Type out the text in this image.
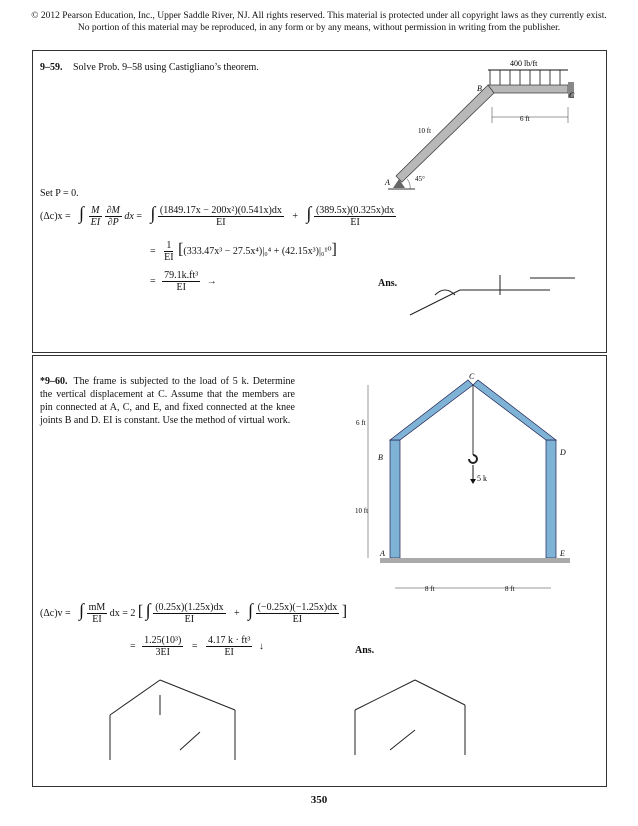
© 2012 Pearson Education, Inc., Upper Saddle River, NJ. All rights reserved. This material is protected under all copyright laws as they currently exist. No portion of this material may be reproduced, in any form or by any means, without permission in writing from the publisher.
9–59. Solve Prob. 9–58 using Castigliano’s theorem.	400 lb/ft
B
C
A
6 ft
10 ft
45°
Set P = 0.
(Δc)x = ∫ $\frac{M}{EI}$
$\frac{\partial M}{\partial P}$ dx = ∫ $\frac{\text{(1849.17x − 200x²)(0.541x)dx}}{EI}$ + ∫ $\frac{(389.5x)(0.325x)dx}{EI}$
= $\frac{1}{EI} [(333.47x^3 - 27.5x^4)|_0^4 + (42.15x^3)|_0^{10}]$
= $\frac{\text{79.1k.ft³}}{EI}$ →	Ans.
*9–60. The frame is subjected to the load of 5 k. Determine the vertical displacement at C. Assume that the members are pin connected at A, C, and E, and fixed connected at the knee joints B and D. EI is constant. Use the method of virtual work.
C
5 k
A	E
B
D
6 ft
10 ft
8 ft	8 ft
(Δc)v = ∫ $\frac{mM}{EI}$ dx = 2 [ ∫ $\frac{(0.25x)(1.25x)dx}{EI}$ + ∫ $\frac{(-0.25x)(-1.25x)dx}{EI}$ ]
= $\frac{\text{1.25(10³)}}{3EI} = \frac{\text{4.17 k · ft³}}{EI}$ ↓	Ans.
350
